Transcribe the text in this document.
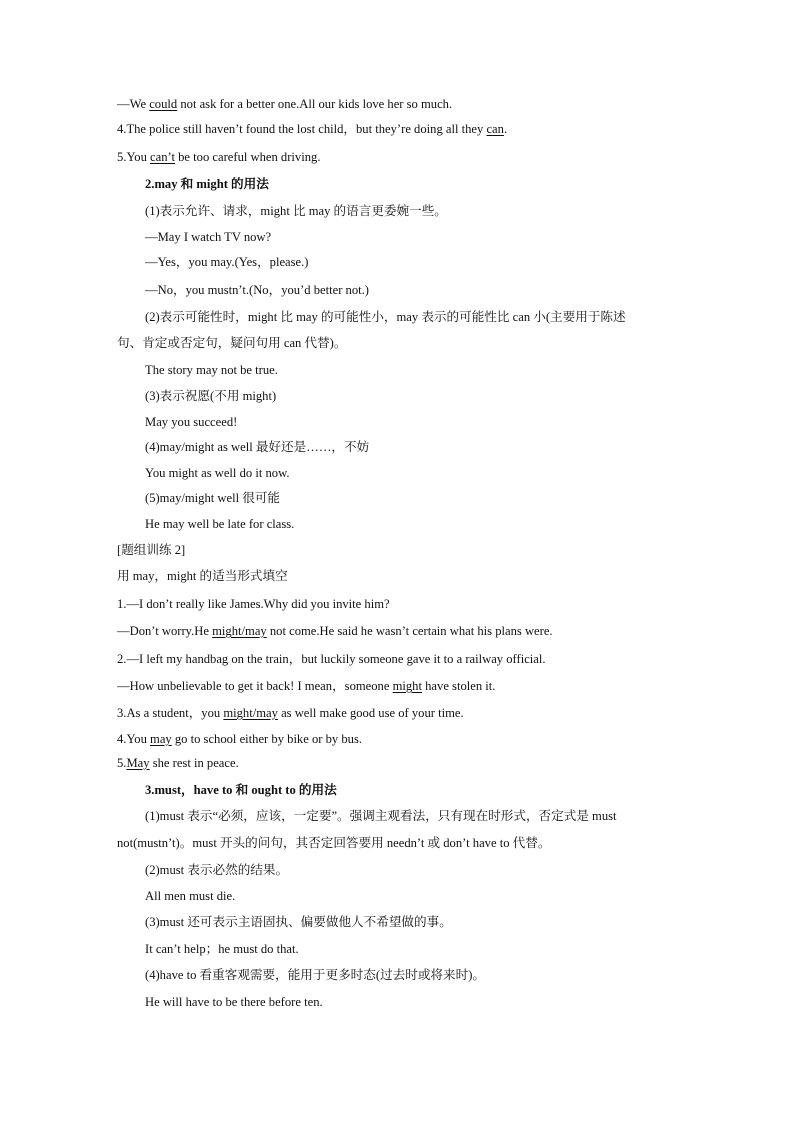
—We could not ask for a better one.All our kids love her so much.
4.The police still haven’t found the lost child，but they’re doing all they can.
5.You can’t be too careful when driving.
2.may 和 might 的用法
(1)表示允许、请求，might 比 may 的语言更委婉一些。
—May I watch TV now?
—Yes，you may.(Yes，please.)
—No，you mustn’t.(No，you’d better not.)
(2)表示可能性时，might 比 may 的可能性小，may 表示的可能性比 can 小(主要用于陈述
句、肯定或否定句，疑问句用 can 代替)。
The story may not be true.
(3)表示祝愿(不用 might)
May you succeed!
(4)may/might as well 最好还是……，不妨
You might as well do it now.
(5)may/might well 很可能
He may well be late for class.
[题组训练 2]
用 may，might 的适当形式填空
1.—I don’t really like James.Why did you invite him?
—Don’t worry.He might/may not come.He said he wasn’t certain what his plans were.
2.—I left my handbag on the train，but luckily someone gave it to a railway official.
—How unbelievable to get it back! I mean，someone might have stolen it.
3.As a student，you might/may as well make good use of your time.
4.You may go to school either by bike or by bus.
5.May she rest in peace.
3.must，have to 和 ought to 的用法
(1)must 表示“必须，应该，一定要”。强调主观看法，只有现在时形式，否定式是 must
not(mustn’t)。must 开头的问句，其否定回答要用 needn’t 或 don’t have to 代替。
(2)must 表示必然的结果。
All men must die.
(3)must 还可表示主语固执、偏要做他人不希望做的事。
It can’t help；he must do that.
(4)have to 看重客观需要，能用于更多时态(过去时或将来时)。
He will have to be there before ten.
